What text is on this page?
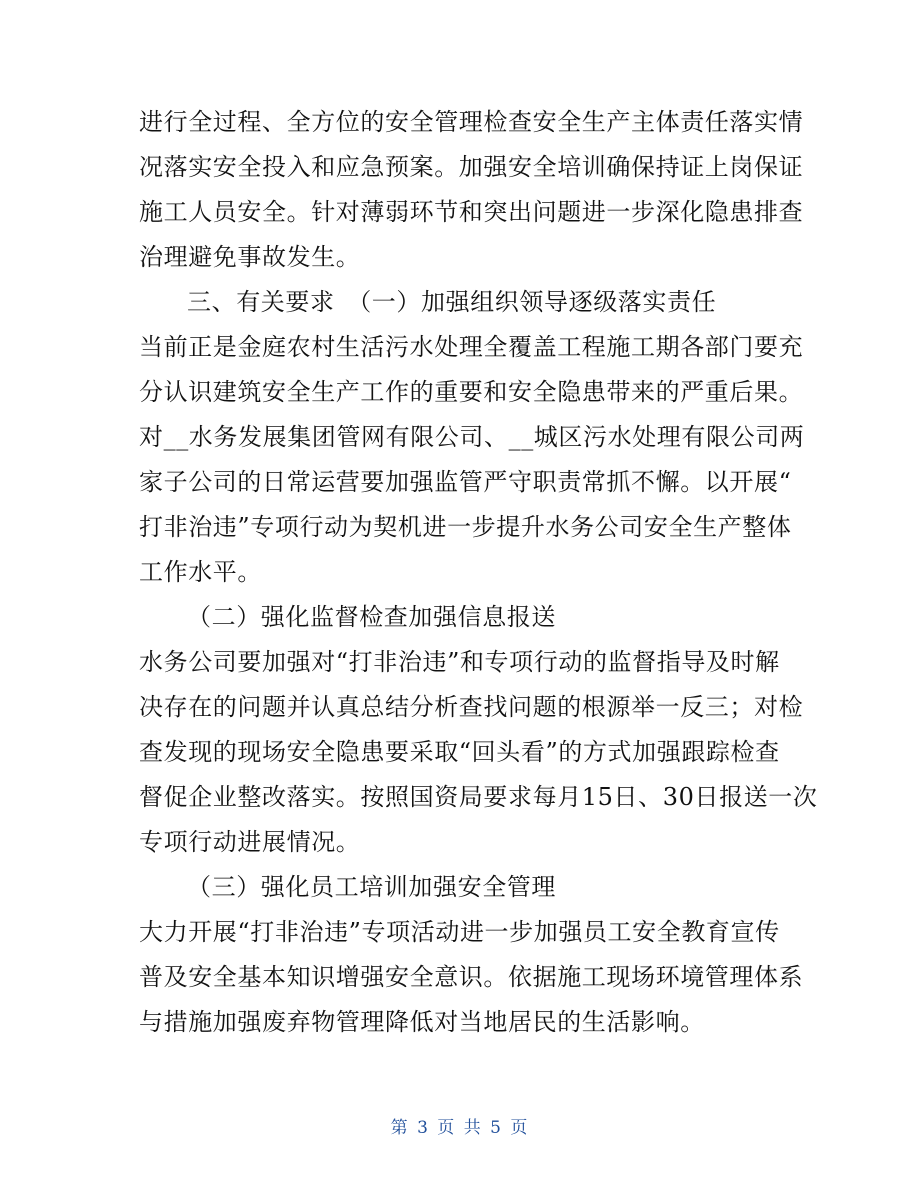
进行全过程、全方位的安全管理检查安全生产主体责任落实情
况落实安全投入和应急预案。加强安全培训确保持证上岗保证
施工人员安全。针对薄弱环节和突出问题进一步深化隐患排查
治理避免事故发生。
三、有关要求　（一）加强组织领导逐级落实责任
当前正是金庭农村生活污水处理全覆盖工程施工期各部门要充
分认识建筑安全生产工作的重要和安全隐患带来的严重后果。
对__水务发展集团管网有限公司、__城区污水处理有限公司两
家子公司的日常运营要加强监管严守职责常抓不懈。以开展“
打非治违”专项行动为契机进一步提升水务公司安全生产整体
工作水平。
（二）强化监督检查加强信息报送
水务公司要加强对“打非治违”和专项行动的监督指导及时解
决存在的问题并认真总结分析查找问题的根源举一反三；对检
查发现的现场安全隐患要采取“回头看”的方式加强跟踪检查
督促企业整改落实。按照国资局要求每月15日、30日报送一次
专项行动进展情况。
（三）强化员工培训加强安全管理
大力开展“打非治违”专项活动进一步加强员工安全教育宣传
普及安全基本知识增强安全意识。依据施工现场环境管理体系
与措施加强废弃物管理降低对当地居民的生活影响。
第 3 页 共 5 页
